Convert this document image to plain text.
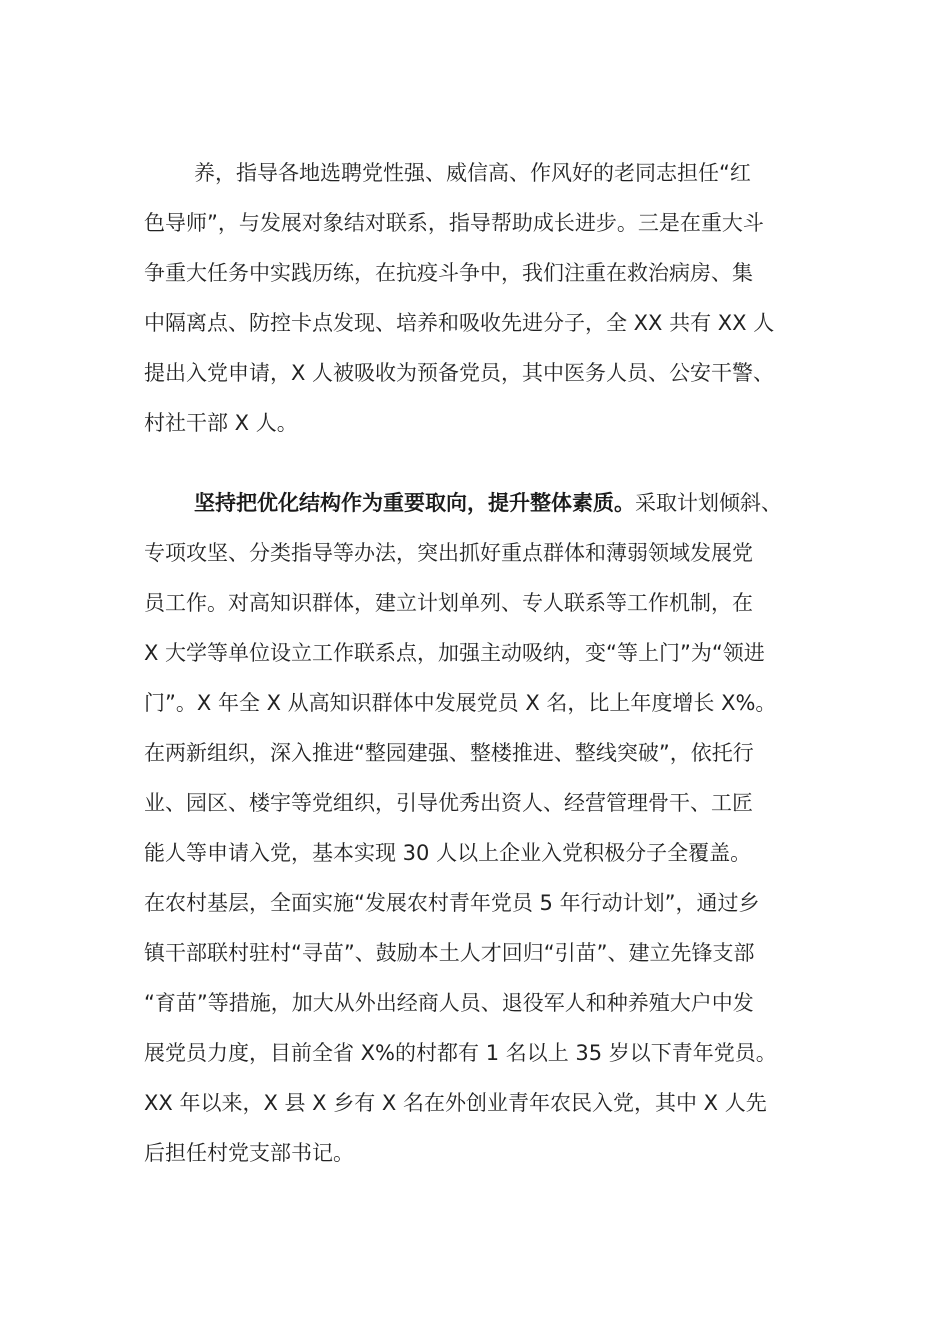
养，指导各地选聘党性强、威信高、作风好的老同志担任“红
色导师”，与发展对象结对联系，指导帮助成长进步。三是在重大斗
争重大任务中实践历练，在抗疫斗争中，我们注重在救治病房、集
中隔离点、防控卡点发现、培养和吸收先进分子，全 XX 共有 XX 人
提出入党申请，X 人被吸收为预备党员，其中医务人员、公安干警、
村社干部 X 人。
坚持把优化结构作为重要取向，提升整体素质。采取计划倾斜、
专项攻坚、分类指导等办法，突出抓好重点群体和薄弱领域发展党
员工作。对高知识群体，建立计划单列、专人联系等工作机制，在
X 大学等单位设立工作联系点，加强主动吸纳，变“等上门”为“领进
门”。X 年全 X 从高知识群体中发展党员 X 名，比上年度增长 X%。
在两新组织，深入推进“整园建强、整楼推进、整线突破”，依托行
业、园区、楼宇等党组织，引导优秀出资人、经营管理骨干、工匠
能人等申请入党，基本实现 30 人以上企业入党积极分子全覆盖。
在农村基层，全面实施“发展农村青年党员 5 年行动计划”，通过乡
镇干部联村驻村“寻苗”、鼓励本土人才回归“引苗”、建立先锋支部
“育苗”等措施，加大从外出经商人员、退役军人和种养殖大户中发
展党员力度，目前全省 X%的村都有 1 名以上 35 岁以下青年党员。
XX 年以来，X 县 X 乡有 X 名在外创业青年农民入党，其中 X 人先
后担任村党支部书记。
